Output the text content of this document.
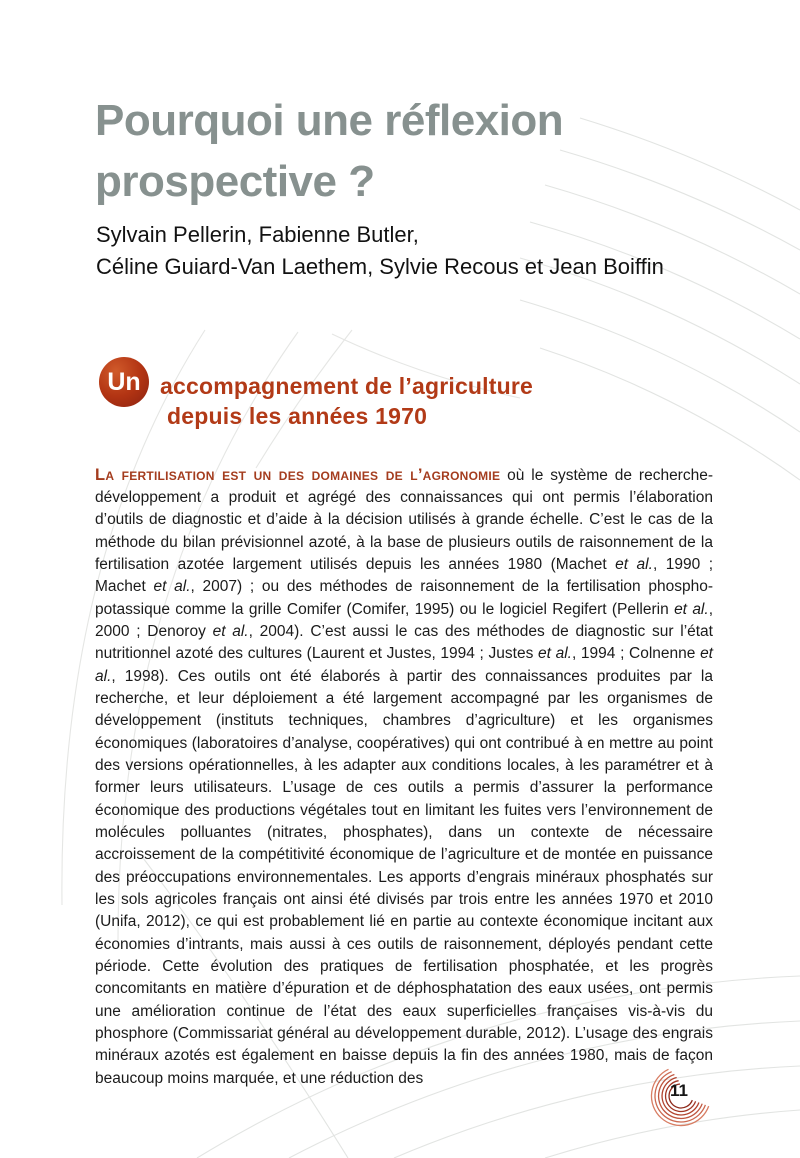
Pourquoi une réflexion
prospective ?
Sylvain Pellerin, Fabienne Butler,
Céline Guiard-Van Laethem, Sylvie Recous et Jean Boiffin
Un accompagnement de l’agriculture
depuis les années 1970

La fertilisation est un des domaines de l’agronomie où le système de recherche-développement a produit et agrégé des connaissances qui ont permis l’élaboration d’outils de diagnostic et d’aide à la décision utilisés à grande échelle. C’est le cas de la méthode du bilan prévisionnel azoté, à la base de plusieurs outils de raisonnement de la fertilisation azotée largement utilisés depuis les années 1980 (Machet et al., 1990 ; Machet et al., 2007) ; ou des méthodes de raisonnement de la fertilisation phospho-potassique comme la grille Comifer (Comifer, 1995) ou le logiciel Regifert (Pellerin et al., 2000 ; Denoroy et al., 2004). C’est aussi le cas des méthodes de diagnostic sur l’état nutritionnel azoté des cultures (Laurent et Justes, 1994 ; Justes et al., 1994 ; Colnenne et al., 1998). Ces outils ont été élaborés à partir des connaissances produites par la recherche, et leur déploiement a été largement accompagné par les organismes de développement (instituts techniques, chambres d’agriculture) et les organismes économiques (laboratoires d’analyse, coopératives) qui ont contribué à en mettre au point des versions opérationnelles, à les adapter aux conditions locales, à les paramétrer et à former leurs utilisateurs. L’usage de ces outils a permis d’assurer la performance économique des productions végétales tout en limitant les fuites vers l’environnement de molécules polluantes (nitrates, phosphates), dans un contexte de nécessaire accroissement de la compétitivité économique de l’agriculture et de montée en puissance des préoccupations environnementales. Les apports d’engrais minéraux phosphatés sur les sols agricoles français ont ainsi été divisés par trois entre les années 1970 et 2010 (Unifa, 2012), ce qui est probablement lié en partie au contexte économique incitant aux économies d’intrants, mais aussi à ces outils de raisonnement, déployés pendant cette période. Cette évolution des pratiques de fertilisation phosphatée, et les progrès concomitants en matière d’épuration et de déphosphatation des eaux usées, ont permis une amélioration continue de l’état des eaux superficielles françaises vis-à-vis du phosphore (Commissariat général au développement durable, 2012). L’usage des engrais minéraux azotés est également en baisse depuis la fin des années 1980, mais de façon beaucoup moins marquée, et une réduction des

11
